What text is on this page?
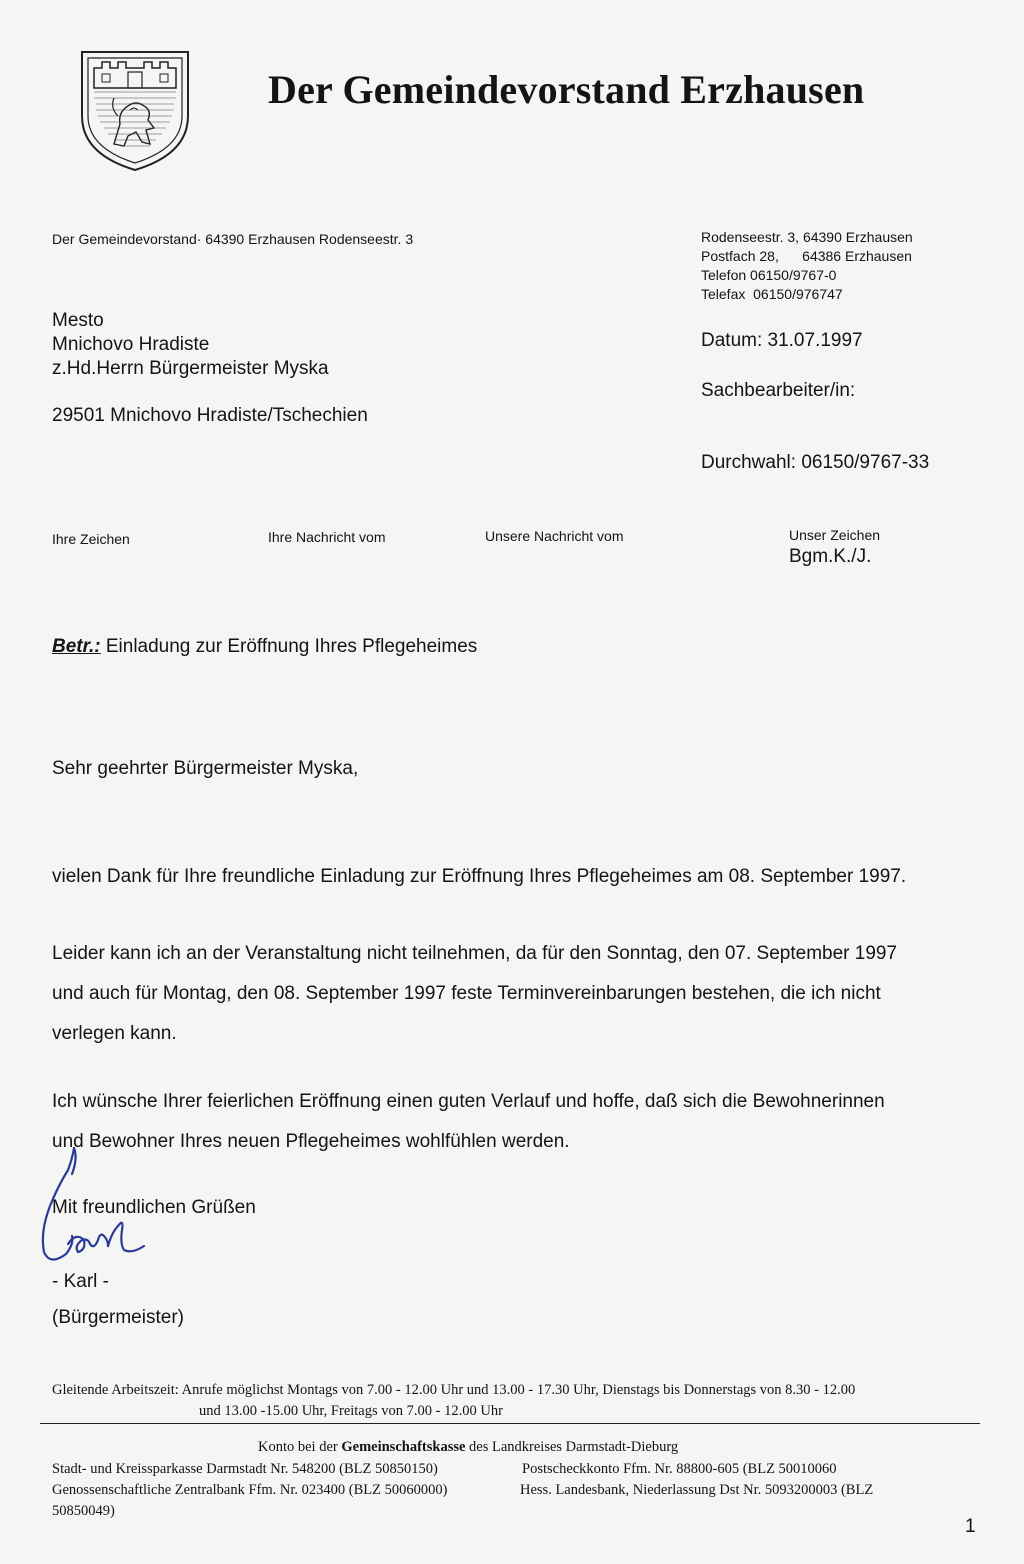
Der Gemeindevorstand Erzhausen
Der Gemeindevorstand· 64390 Erzhausen Rodenseestr. 3	Rodenseestr. 3, 64390 Erzhausen
Postfach 28,      64386 Erzhausen
Telefon 06150/9767-0
Telefax  06150/976747
Mesto
Mnichovo Hradiste
z.Hd.Herrn Bürgermeister Myska
29501 Mnichovo Hradiste/Tschechien
Datum: 31.07.1997
Sachbearbeiter/in:
Durchwahl: 06150/9767-33
Ihre Zeichen	Ihre Nachricht vom	Unsere Nachricht vom	Unser Zeichen
Bgm.K./J.
Betr.: Einladung zur Eröffnung Ihres Pflegeheimes
Sehr geehrter Bürgermeister Myska,
vielen Dank für Ihre freundliche Einladung zur Eröffnung Ihres Pflegeheimes am 08. September 1997.
Leider kann ich an der Veranstaltung nicht teilnehmen, da für den Sonntag, den 07. September 1997
und auch für Montag, den 08. September 1997 feste Terminvereinbarungen bestehen, die ich nicht
verlegen kann.
Ich wünsche Ihrer feierlichen Eröffnung einen guten Verlauf und hoffe, daß sich die Bewohnerinnen
und Bewohner Ihres neuen Pflegeheimes wohlfühlen werden.
Mit freundlichen Grüßen
- Karl -
(Bürgermeister)
Gleitende Arbeitszeit: Anrufe möglichst Montags von 7.00 - 12.00 Uhr und 13.00 - 17.30 Uhr, Dienstags bis Donnerstags von 8.30 - 12.00
und 13.00 -15.00 Uhr, Freitags von 7.00 - 12.00 Uhr
Konto bei der Gemeinschaftskasse des Landkreises Darmstadt-Dieburg
Stadt- und Kreissparkasse Darmstadt Nr. 548200 (BLZ 50850150)	Postscheckkonto Ffm. Nr. 88800-605 (BLZ 50010060
Genossenschaftliche Zentralbank Ffm. Nr. 023400 (BLZ 50060000)	Hess. Landesbank, Niederlassung Dst Nr. 5093200003 (BLZ
50850049)
1
